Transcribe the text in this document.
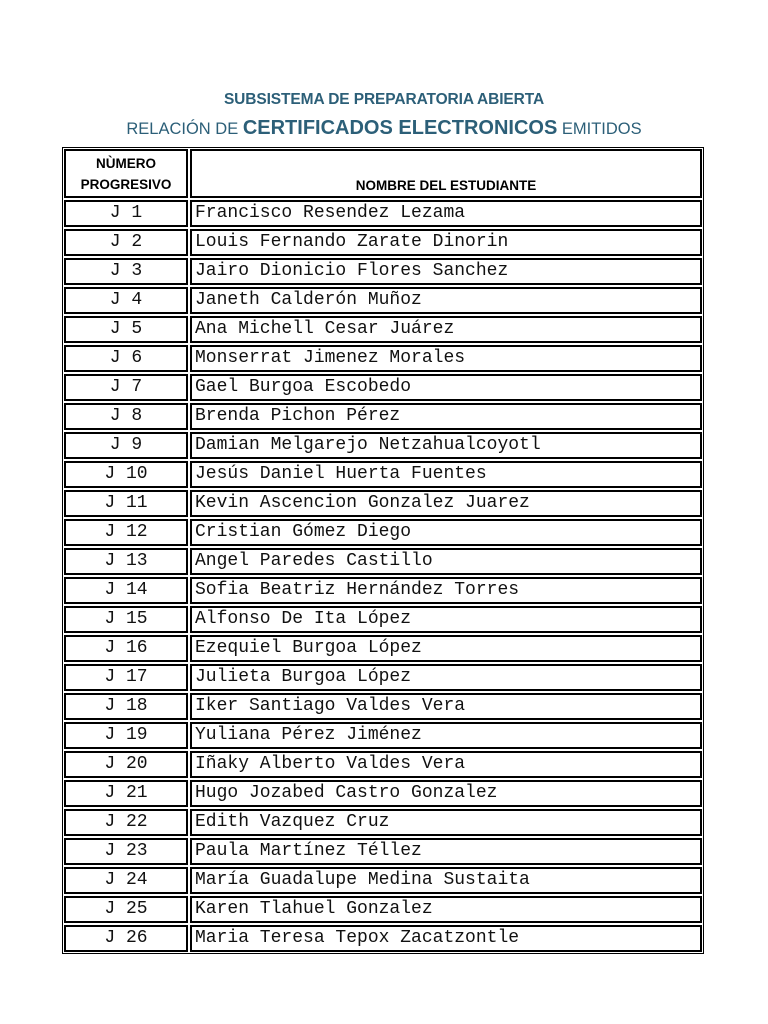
SUBSISTEMA DE PREPARATORIA ABIERTA
RELACIÓN DE CERTIFICADOS ELECTRONICOS EMITIDOS
NÙMERO
PROGRESIVO	NOMBRE DEL ESTUDIANTE
J 1	Francisco Resendez Lezama
J 2	Louis Fernando Zarate Dinorin
J 3	Jairo Dionicio Flores Sanchez
J 4	Janeth Calderón Muñoz
J 5	Ana Michell Cesar Juárez
J 6	Monserrat Jimenez Morales
J 7	Gael Burgoa Escobedo
J 8	Brenda Pichon Pérez
J 9	Damian Melgarejo Netzahualcoyotl
J 10	Jesús Daniel Huerta Fuentes
J 11	Kevin Ascencion Gonzalez Juarez
J 12	Cristian Gómez Diego
J 13	Angel Paredes Castillo
J 14	Sofia Beatriz Hernández Torres
J 15	Alfonso De Ita López
J 16	Ezequiel Burgoa López
J 17	Julieta Burgoa López
J 18	Iker Santiago Valdes Vera
J 19	Yuliana Pérez Jiménez
J 20	Iñaky Alberto Valdes Vera
J 21	Hugo Jozabed Castro Gonzalez
J 22	Edith Vazquez Cruz
J 23	Paula Martínez Téllez
J 24	María Guadalupe Medina Sustaita
J 25	Karen Tlahuel Gonzalez
J 26	Maria Teresa Tepox Zacatzontle
